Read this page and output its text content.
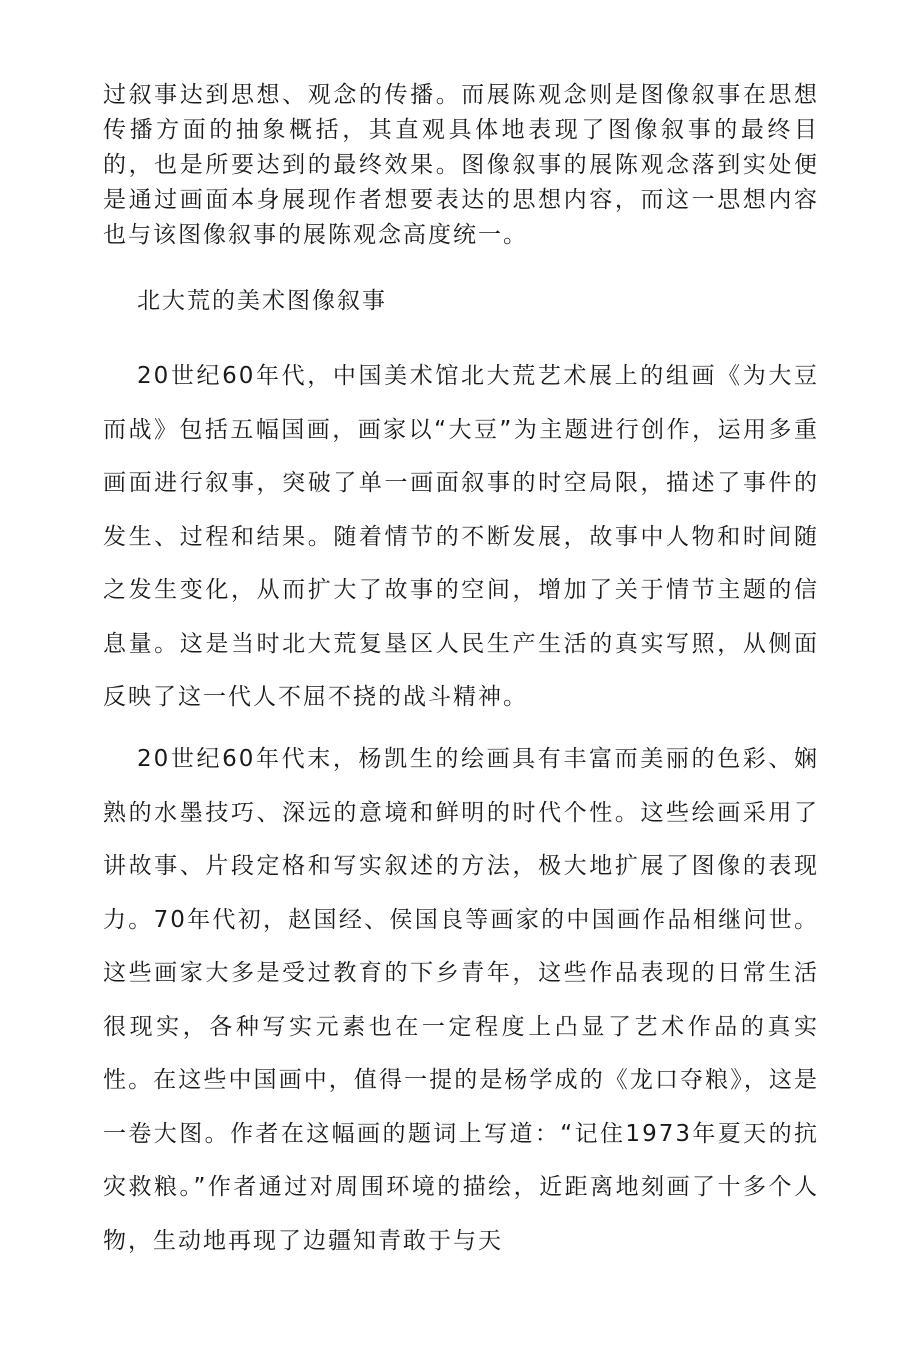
过叙事达到思想、观念的传播。而展陈观念则是图像叙事在思想传播方面的抽象概括，其直观具体地表现了图像叙事的最终目的，也是所要达到的最终效果。图像叙事的展陈观念落到实处便是通过画面本身展现作者想要表达的思想内容，而这一思想内容也与该图像叙事的展陈观念高度统一。

北大荒的美术图像叙事

20世纪60年代，中国美术馆北大荒艺术展上的组画《为大豆而战》包括五幅国画，画家以“大豆”为主题进行创作，运用多重画面进行叙事，突破了单一画面叙事的时空局限，描述了事件的发生、过程和结果。随着情节的不断发展，故事中人物和时间随之发生变化，从而扩大了故事的空间，增加了关于情节主题的信息量。这是当时北大荒复垦区人民生产生活的真实写照，从侧面反映了这一代人不屈不挠的战斗精神。

20世纪60年代末，杨凯生的绘画具有丰富而美丽的色彩、娴熟的水墨技巧、深远的意境和鲜明的时代个性。这些绘画采用了讲故事、片段定格和写实叙述的方法，极大地扩展了图像的表现力。70年代初，赵国经、侯国良等画家的中国画作品相继问世。这些画家大多是受过教育的下乡青年，这些作品表现的日常生活很现实，各种写实元素也在一定程度上凸显了艺术作品的真实性。在这些中国画中，值得一提的是杨学成的《龙口夺粮》，这是一卷大图。作者在这幅画的题词上写道：“记住1973年夏天的抗灾救粮。”作者通过对周围环境的描绘，近距离地刻画了十多个人物，生动地再现了边疆知青敢于与天
